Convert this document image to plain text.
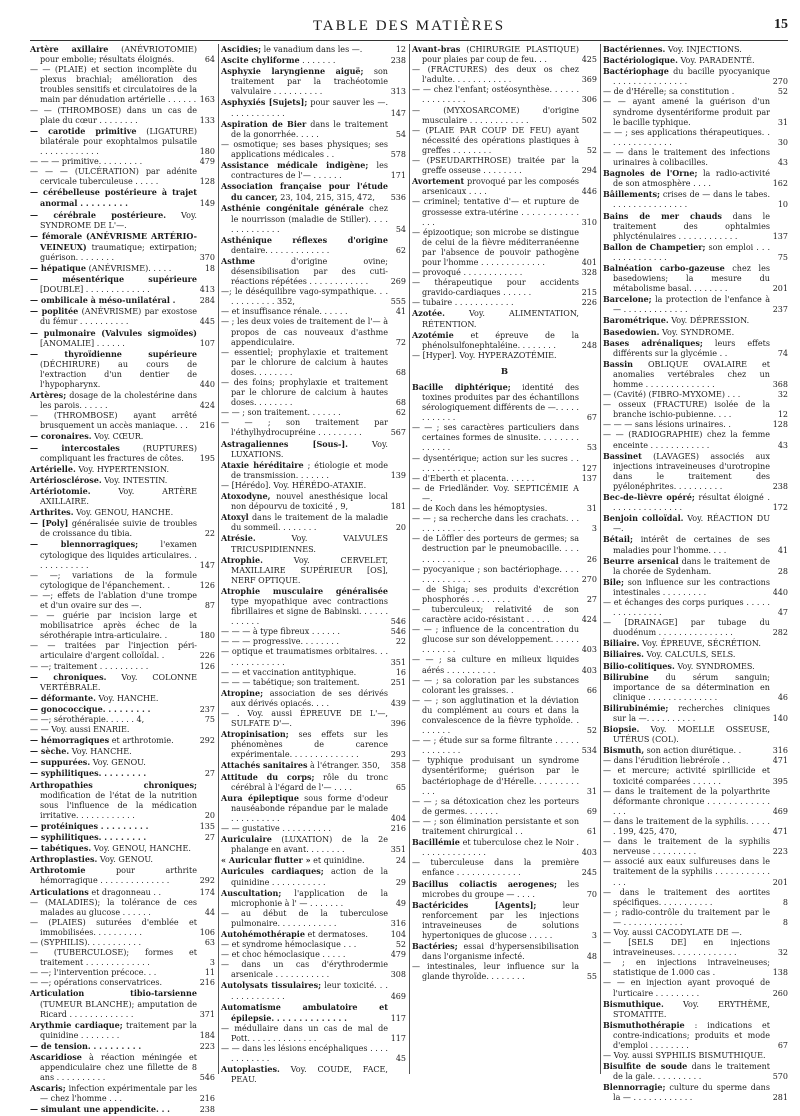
TABLE DES MATIÈRES	15
Artère axillaire (ANÉVRIOTOMIE) pour embolie; résultats éloignés.	64
— — (PLAIE) et section incomplète du plexus brachial; amélioration des troubles sensitifs et circulatoires de la main par dénudation artérielle . . . . . . 163
— — (THROMBOSE) dans un cas de plaie du cœur . . . . . . . .	133
— carotide primitive (LIGATURE) bilatérale pour exophtalmos pulsatile . . . . . . . . . . . .	180
— — — primitive. . . . . . . . .	479
— — — (ULCÉRATION) par adénite cervicale tuberculeuse . . . . .	128
— cérébelleuse postérieure à trajet anormal . . . . . . . . .	149
— cérébrale postérieure. Voy. SYNDROME DE L'—.
— fémorale (ANÉVRISME ARTÉRIO-VEINEUX) traumatique; extirpation; guérison. . . . . . . .	370
— hépatique (ANÉVRISME). . . . .	18
— mésentérique supérieure [DOUBLE] . . . . . . . . . . . . .	413
— ombilicale à méso-unilatéral .	284
— poplitée (ANÉVRISME) par exostose du fémur . . . . . . . . . .	445
— pulmonaire (Valvules sigmoïdes) [ANOMALIE] . . . . . .	107
— thyroïdienne supérieure (DÉCHIRURE) au cours de l'extraction d'un dentier de l'hypopharynx.	440
Artères; dosage de la cholestérine dans les parois. . . . . .	424
— (THROMBOSE) ayant arrêté brusquement un accès maniaque. . . 216
— coronaires. Voy. CŒUR.
— intercostales (RUPTURES) compliquant les fractures de côtes. 195
Artérielle. Voy. HYPERTENSION.
Artériosclérose. Voy. INTESTIN.
Artériotomie. Voy. ARTÈRE AXILLAIRE.
Arthrites. Voy. GENOU, HANCHE.
— [Poly] généralisée suivie de troubles de croissance du tibia.	22
— blennorragiques; l'examen cytologique des liquides articulaires. . . . . . . . . . . .	147
— —; variations de la formule cytologique de l'épanchement. .	126
— —; effets de l'ablation d'une trompe et d'un ovaire sur des —.	87
— — guérie par incision large et mobilisatrice après échec de la sérothérapie intra-articulaire. .	180
— — traitées par l'injection péri-articulaire d'argent colloïdal. .	226
— —; traitement . . . . . . . . . .	126
— chroniques. Voy. COLONNE VERTÉBRALE.
— déformante. Voy. HANCHE.
— gonococcique. . . . . . . . .	237
— —; sérothérapie. . . . . . 4,	75
— — Voy. aussi ENARIE.
— hémorragiques et arthrotomie.	292
— sèche. Voy. HANCHE.
— suppurées. Voy. GENOU.
— syphilitiques. . . . . . . . .	27
Arthropathies chroniques; modification de l'état de la nutrition sous l'influence de la médication irritative. . . . . . . . . . . .	20
— protéiniques . . . . . . . . .	135
— syphilitiques. . . . . . . . .	27
— tabétiques. Voy. GENOU, HANCHE.
Arthroplasties. Voy. GENOU.
Arthrotomie pour arthrite hémorragique . . . . . . . . . . . . . .	292
Articulations et dragonneau . .	174
— (MALADIES); la tolérance de ces malades au glucose . . . . . .	44
— (PLAIES) suturées d'emblée et immobilisées. . . . . . . . . .	106
— (SYPHILIS). . . . . . . . . . .	63
— (TUBERCULOSE); formes et traitement . . . . . . . . . . . . .	3
— —; l'intervention précoce. . .	11
— —; opérations conservatrices.	216
Articulation tibio-tarsienne (TUMEUR BLANCHE); amputation de Ricard . . . . . . . . . . . . .	371
Arythmie cardiaque; traitement par la quinidine . . . . . . . .	184
— de tension. . . . . . . . . .	223
Ascaridiose à réaction méningée et appendiculaire chez une fillette de 8 ans . . . . . . . . . .	546
Ascaris; infection expérimentale par les — chez l'homme . . .	216
— simulant une appendicite. . .	238
Ascidies; le vanadium dans les —.	12
Ascite chyliforme . . . . . . .	238
Asphyxie laryngienne aiguë; son traitement par la trachéotomie valvulaire . . . . . . . . . .	313
Asphyxiés [Sujets]; pour sauver les —. . . . . . . . . . . .	147
Aspiration de Bier dans le traitement de la gonorrhée. . . . .	54
— osmotique; ses bases physiques; ses applications médicales . .	578
Assistance médicale indigène; les contractures de l'— . . . . . .	171
Association française pour l'étude du cancer, 23, 104, 215, 315, 472, 536
Asthénie congénitale générale chez le nourrisson (maladie de Stiller). . . . . . . . . . . . . .	54
Asthénique réflexes d'origine dentaire. . . . . . . . . . . . .	62
Asthme d'origine ovine; désensibilisation par des cuti-réactions répétées . . . . . . . . . . . .	269
—; le déséquilibre vago-sympathique. . . . . . . . . . . . 352,	555
— et insuffisance rénale. . . . . .	41
— ; les deux voies de traitement de l'— à propos de cas nouveaux d'asthme appendiculaire.	72
— essentiel; prophylaxie et traitement par le chlorure de calcium à hautes doses. . . . . . . .	68
— des foins; prophylaxie et traitement par le chlorure de calcium à hautes doses. . . . . . . .	68
— — ; son traitement. . . . . . .	62
— — ; son traitement par l'éthylhydrocupréine . . . . . . . . .	567
Astragaliennes [Sous-]. Voy. LUXATIONS.
Ataxie héréditaire ; étiologie et mode de transmission. . . . . . .	139
— [Hérédo]. Voy. HÉRÉDO-ATAXIE.
Atoxodyne, nouvel anesthésique local non dépourvu de toxicité , 9,	181
Atoxyl dans le traitement de la maladie du sommeil. . . . . . . .	20
Atrésie. Voy. VALVULES TRICUSPIDIENNES.
Atrophie. Voy. CERVELET, MAXILLAIRE SUPÉRIEUR [OS], NERF OPTIQUE.
Atrophie musculaire généralisée type myopathique avec contractions fibrillaires et signe de Babinski. . . . . . . . . . . .	546
— — — à type fibreux . . . . . .	546
— — — progressive. . . . . . . .	22
— optique et traumatismes orbitaires. . . . . . . . . . . . . .	351
— — et vaccination antityphique.	16
— — — tabétique; son traitement.	251
Atropine; association de ses dérivés aux dérivés opiacés. . . .	439
— . Voy. aussi ÉPREUVE DE L'—, SULFATE D'—.	396
Atropinisation; ses effets sur les phénomènes de carence expérimentale. . . . . . . . . . . . . .	293
Attachés sanitaires à l'étranger. 350, 358
Attitude du corps; rôle du tronc cérébral à l'égard de l'— . . . .	65
Aura épileptique sous forme d'odeur nauséabonde répandue par le malade . . . . . . . . . .	404
— — gustative . . . . . . . . . .	216
Auriculaire (LUXATION) de la 2e phalange en avant. . . . . . . .	351
« Auricular flutter » et quinidine.	24
Auricules cardiaques; action de la quinidine . . . . . . . . . . .	29
Auscultation; l'application de la microphonie à l' — . . . . . . .	49
— au début de la tuberculose pulmonaire. . . . . . . . . . . .	316
Autohémothérapie et dermatoses.	104
— et syndrome hémoclasique . . .	52
— et choc hémoclasique . . . . .	479
— dans un cas d'érythrodermie arsenicale . . . . . . . . . . .	308
Autolysats tissulaires; leur toxicité. . . . . . . . . . . . . .	469
Automatisme ambulatoire et épilepsie. . . . . . . . . . . . . .	117
— médullaire dans un cas de mal de Pott. . . . . . . . . . . . . .	117
— — dans les lésions encéphaliques . . . . . . . . . . . .	45
Autoplasties. Voy. COUDE, FACE, PEAU.
Avant-bras (CHIRURGIE PLASTIQUE) pour plaies par coup de feu. . .	425
— (FRACTURES) des deux os chez l'adulte. . . . . . . . . . . .	369
— — chez l'enfant; ostéosynthèse. . . . . . . . . . . . . . .	306
— (MYXOSARCOME) d'origine musculaire . . . . . . . . . . . .	502
— (PLAIE PAR COUP DE FEU) ayant nécessité des opérations plastiques à greffes . . . . . . . .	52
— (PSEUDARTHROSE) traitée par la greffe osseuse . . . . . . . .	294
Avortement provoqué par les composés arsenicaux . . . .	446
— criminel; tentative d'— et rupture de grossesse extra-utérine . . . . . . . . . . . . . .	310
— épizootique; son microbe se distingue de celui de la fièvre méditerranéenne par l'absence de pouvoir pathogène pour l'homme . . . . . . . . . . . . .	401
— provoqué . . . . . . . . . . . .	328
— thérapeutique pour accidents gravido-cardiaques . . . . . .	215
— tubaire . . . . . . . . . . . .	226
Azotée. Voy. ALIMENTATION, RÉTENTION.
Azotémie et épreuve de la phénolsulfonephtaléine. . . . . . . .	248
— [Hyper]. Voy. HYPERAZOTÉMIE.
B
Bacille diphtérique; identité des toxines produites par des échantillons sérologiquement différents de —. . . . . . . . . . . .	67
— — ; ses caractères particuliers dans certaines formes de sinusite. . . . . . . . . . . . . .	53
— dysentérique; action sur les sucres . . . . . . . . . . . . .	127
— d'Eberth et placenta. . . . . .	137
— de Friedländer. Voy. SEPTICÉMIE A —.
— de Koch dans les hémoptysies.	31
— — ; sa recherche dans les crachats. . . . . . . . . . . . . .	3
— de Löffler des porteurs de germes; sa destruction par le pneumobacille. . . . . . . . . . . . .	26
— pyocyanique ; son bactériophage. . . . . . . . . . . . . .	270
— de Shiga; ses produits d'excrétion phosphorés . . . . . . . .	27
— tuberculeux; relativité de son caractère acido-résistant . . . . .	424
— — ; influence de la concentration du glucose sur son développement. . . . . . . . . . . . .	403
— — ; sa culture en milieux liquides aérés . . . . . . . . . .	403
— — ; sa coloration par les substances colorant les graisses. .	66
— — ; son agglutination et la déviation du complément au cours et dans la convalescence de la fièvre typhoïde. . . . . . . .	52
— — ; étude sur sa forme filtrante . . . . . . . . . . . . .	534
— typhique produisant un syndrome dysentériforme; guérison par le bactériophage de d'Hérelle. . . . . . . . . . . .	31
— — ; sa détoxication chez les porteurs de germes. . . . . . .	69
— — ; son élimination persistante et son traitement chirurgical . .	61
Bacillémie et tuberculose chez le Noir . . . . . . . . . . . . . .	403
— tuberculeuse dans la première enfance . . . . . . . . . . . . .	245
Bacillus coliactis aerogenes; les microbes du groupe — . . . .	70
Bactéricides [Agents]; leur renforcement par les injections intraveineuses de solutions hypertoniques de glucose . . . . .	3
Bactéries; essai d'hypersensibilisation dans l'organisme infecté.	48
— intestinales, leur influence sur la glande thyroïde. . . . . . . .	55
Bactériennes. Voy. INJECTIONS.
Bactériologique. Voy. PARADENTÉ.
Bactériophage du bacille pyocyanique . . . . . . . . . . . . . . .	270
— de d'Hérelle; sa constitution .	52
— — ayant amené la guérison d'un syndrome dysentériforme produit par le bacille typhique.	31
— — ; ses applications thérapeutiques. . . . . . . . . . . . . .	30
— — dans le traitement des infections urinaires à colibacilles.	43
Bagnoles de l'Orne; la radio-activité de son atmosphère . . . .	162
Bâillements; crises de — dans le tabes. . . . . . . . . . . . . . . .	10
Bains de mer chauds dans le traitement des ophtalmies phlycténulaires . . . . . . . . . . . .	137
Ballon de Champetier; son emploi . . . . . . . . . . . . . .	75
Balnéation carbo-gazeuse chez les basedowiens; la mesure du métabolisme basal. . . . . . . .	201
Barcelone; la protection de l'enfance à — . . . . . . . . . . . . .	237
Barométrique. Voy. DÉPRESSION.
Basedowien. Voy. SYNDROME.
Bases adrénaliques; leurs effets différents sur la glycémie . .	74
Bassin OBLIQUE OVALAIRE et anomalies vertébrales chez un homme . . . . . . . . . . . . . .	368
— (Cavité) (FIBRO-MYXOME) . . .	32
— osseux (FRACTURE) isolée de la branche ischio-pubienne. . . .	12
— — — sans lésions urinaires. .	128
— — (RADIOGRAPHIE) chez la femme enceinte . . . . . . . . . . . .	43
Bassinet (LAVAGES) associés aux injections intraveineuses d'urotropine dans le traitement des pyélonéphrites. . . . . . . . . .	238
Bec-de-lièvre opéré; résultat éloigné . . . . . . . . . . . . . . .	172
Benjoin colloïdal. Voy. RÉACTION DU —.
Bétail; intérêt de certaines de ses maladies pour l'homme. . . .	41
Beurre arsenical dans le traitement de la chorée de Sydenham.	28
Bile; son influence sur les contractions intestinales . . . . . . . . .	440
— et échanges des corps puriques . . . . . . . . . . . . . . .	47
— [DRAINAGE] par tubage du duodénum . . . . . . . . . . . . . . .	282
Biliaire. Voy. ÉPREUVE, SÉCRÉTION.
Biliaires. Voy. CALCULS, SELS.
Bilio-colitiques. Voy. SYNDROMES.
Bilirubine du sérum sanguin; importance de sa détermination en clinique . . . . . . . . . . . . . .	46
Bilirubinémie; recherches cliniques sur la —. . . . . . . . . .	140
Biopsie. Voy. MOELLE OSSEUSE, UTÉRUS (COL).
Bismuth, son action diurétique. .	316
— dans l'érudition liebréroïe . .	471
— et mercure; activité spirillicide et toxicité comparées . . . . . .	395
— dans le traitement de la polyarthrite déformante chronique . . . . . . . . . . . . . . .	469
— dans le traitement de la syphilis. . . . . . 199, 425, 470,	471
— dans le traitement de la syphilis nerveuse . . . . . . . . .	223
— associé aux eaux sulfureuses dans le traitement de la syphilis . . . . . . . . . . . . . .	201
— dans le traitement des aortites spécifiques. . . . . . . . . . .	8
— ; radio-contrôle du traitement par le — . . . . . . . . . . . .	8
— Voy. aussi CACODYLATE DE —.
— [SELS DE] en injections intraveineuses. . . . . . . . . . . . .	32
— ; en injections intraveineuses; statistique de 1.000 cas .	138
— — en injection ayant provoqué de l'urticaire . . . . . . . . .	260
Bismuthique. Voy. ERYTHÈME, STOMATITE.
Bismuthothérapie : indications et contre-indications; produits et mode d'emploi . . . . . . . .	67
— Voy. aussi SYPHILIS BISMUTHIQUE.
Bisulfite de soude dans le traitement de la gale. . . . . . . . . .	570
Blennorragie; culture du sperme dans la — . . . . . . . . . . . .	281
